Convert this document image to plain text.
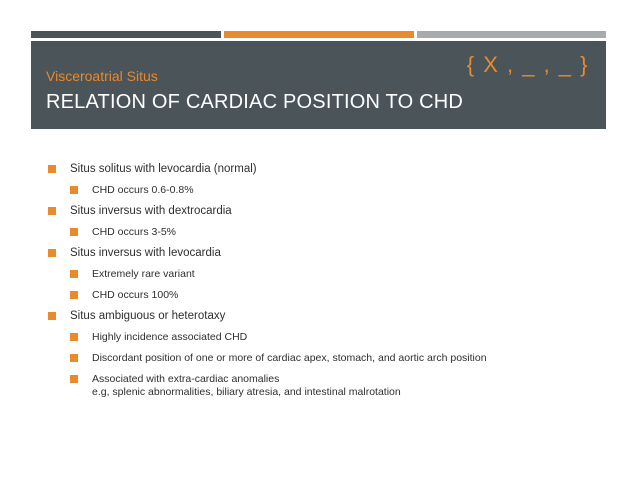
{ X , _ , _ }
Visceroatrial Situs
RELATION OF CARDIAC POSITION TO CHD
Situs solitus with levocardia (normal)
CHD occurs 0.6-0.8%
Situs inversus with dextrocardia
CHD occurs 3-5%
Situs inversus with levocardia
Extremely rare variant
CHD occurs 100%
Situs ambiguous or heterotaxy
Highly incidence associated CHD
Discordant position of one or more of cardiac apex, stomach, and aortic arch position
Associated with extra-cardiac anomalies
e.g, splenic abnormalities, biliary atresia, and intestinal malrotation
